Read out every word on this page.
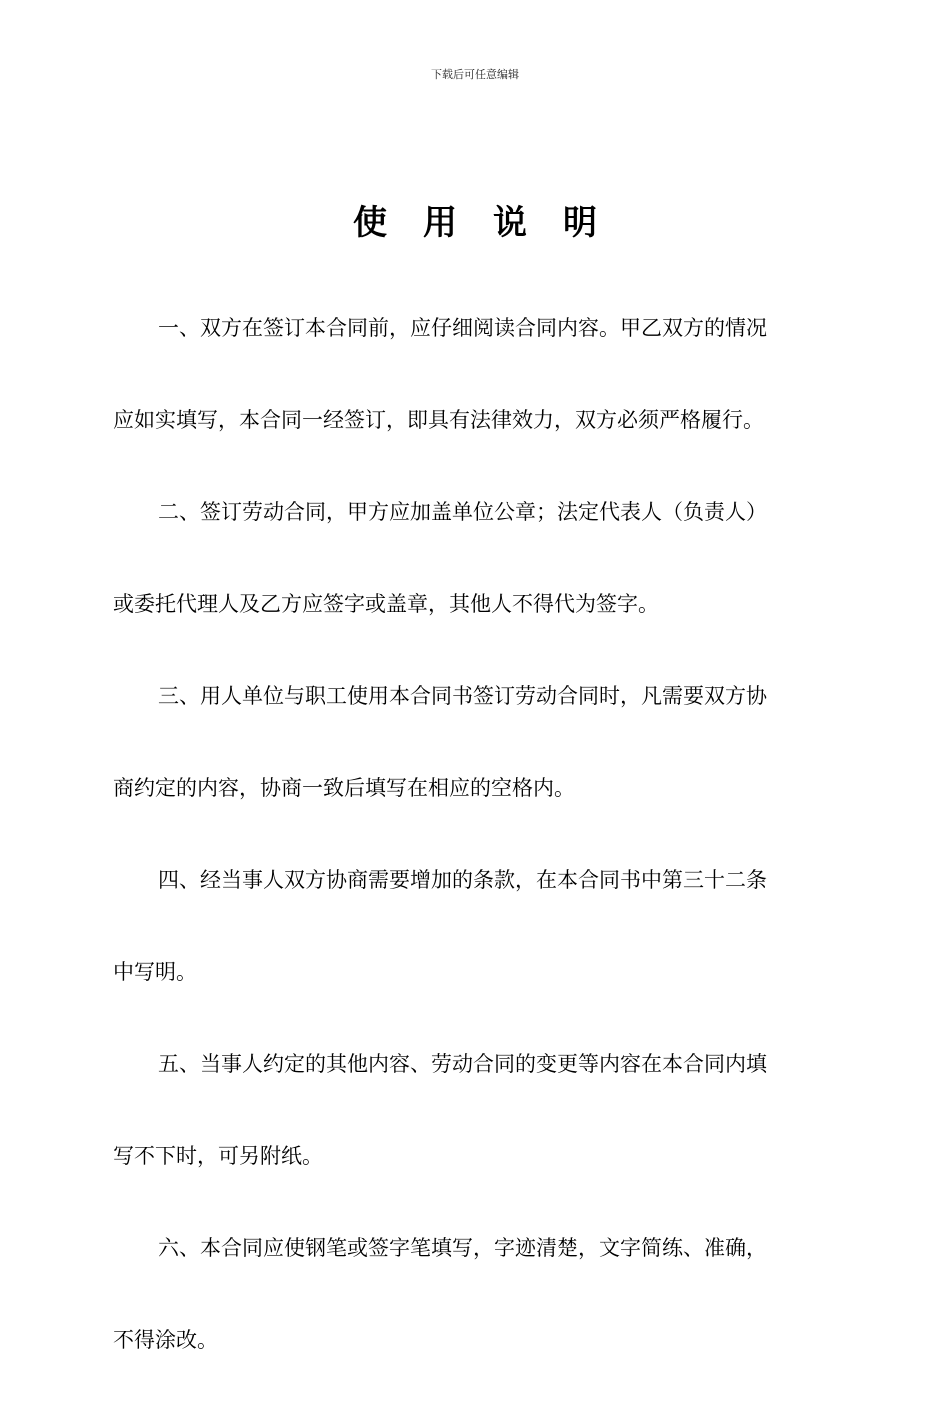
下载后可任意编辑
使用说明
一、双方在签订本合同前，应仔细阅读合同内容。甲乙双方的情况
应如实填写，本合同一经签订，即具有法律效力，双方必须严格履行。
二、签订劳动合同，甲方应加盖单位公章；法定代表人（负责人）
或委托代理人及乙方应签字或盖章，其他人不得代为签字。
三、用人单位与职工使用本合同书签订劳动合同时，凡需要双方协
商约定的内容，协商一致后填写在相应的空格内。
四、经当事人双方协商需要增加的条款，在本合同书中第三十二条
中写明。
五、当事人约定的其他内容、劳动合同的变更等内容在本合同内填
写不下时，可另附纸。
六、本合同应使钢笔或签字笔填写，字迹清楚，文字简练、准确，
不得涂改。
